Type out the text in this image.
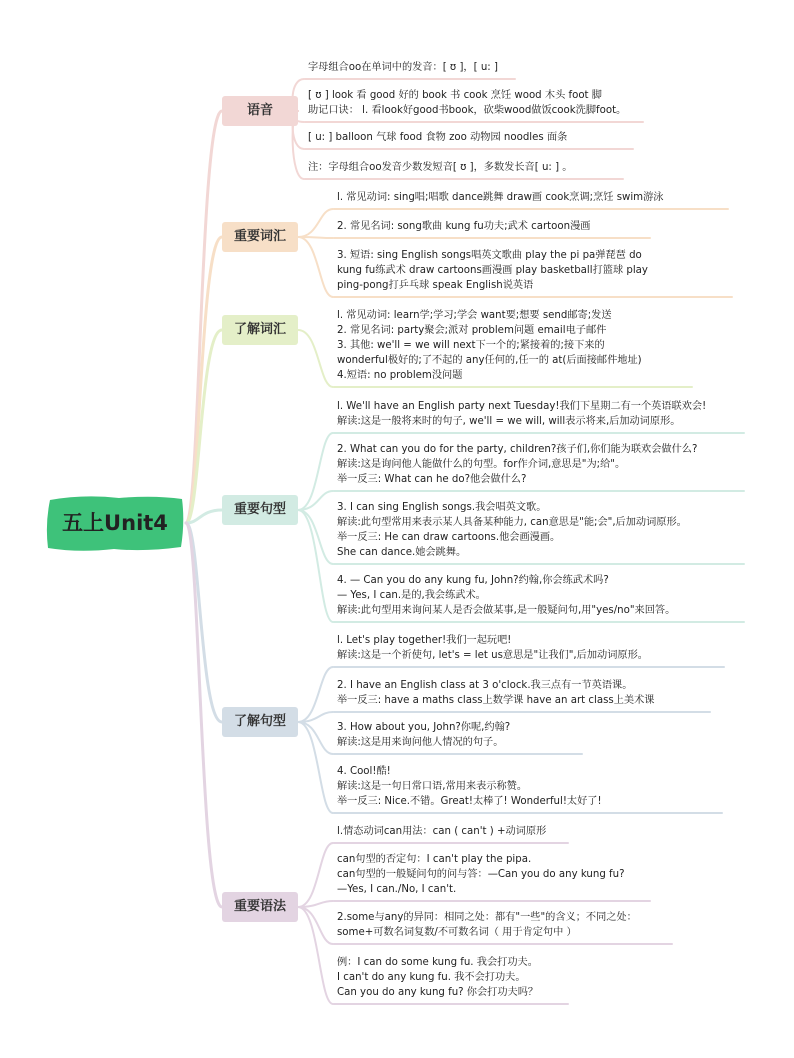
五上Unit4
语音
字母组合oo在单词中的发音：[ ʊ ]，[ u: ]
[ ʊ ] look 看 good 好的 book 书 cook 烹饪 wood 木头 foot 脚
助记口诀： l. 看look好good书book，砍柴wood做饭cook洗脚foot。
[ u: ] balloon 气球 food 食物 zoo 动物园 noodles 面条
注：字母组合oo发音少数发短音[ ʊ ]，多数发长音[ u: ] 。
重要词汇
l. 常见动词: sing唱;唱歌 dance跳舞 draw画 cook烹调;烹饪 swim游泳
2. 常见名词: song歌曲 kung fu功夫;武术 cartoon漫画
3. 短语: sing English songs唱英文歌曲 play the pi pa弹琵琶 do
kung fu练武术 draw cartoons画漫画 play basketball打篮球 play
ping-pong打乒乓球 speak English说英语
了解词汇
l. 常见动词: learn学;学习;学会 want要;想要 send邮寄;发送
2. 常见名词: party聚会;派对 problem问题 email电子邮件
3. 其他: we'll = we will next下一个的;紧接着的;接下来的
wonderful极好的;了不起的 any任何的,任一的 at(后面接邮件地址)
4.短语: no problem没问题
重要句型
l. We'll have an English party next Tuesday!我们下星期二有一个英语联欢会!
解读:这是一般将来时的句子, we'll = we will, will表示将来,后加动词原形。
2. What can you do for the party, children?孩子们,你们能为联欢会做什么?
解读:这是询问他人能做什么的句型。for作介词,意思是"为;给"。
举一反三: What can he do?他会做什么?
3. I can sing English songs.我会唱英文歌。
解读:此句型常用来表示某人具备某种能力, can意思是"能;会",后加动词原形。
举一反三: He can draw cartoons.他会画漫画。
She can dance.她会跳舞。
4. — Can you do any kung fu, John?约翰,你会练武术吗?
— Yes, I can.是的,我会练武术。
解读:此句型用来询问某人是否会做某事,是一般疑问句,用"yes/no"来回答。
了解句型
l. Let's play together!我们一起玩吧!
解读:这是一个祈使句, let's = let us意思是"让我们",后加动词原形。
2. I have an English class at 3 o'clock.我三点有一节英语课。
举一反三: have a maths class上数学课 have an art class上美术课
3. How about you, John?你呢,约翰?
解读:这是用来询问他人情况的句子。
4. Cool!酷!
解读:这是一句日常口语,常用来表示称赞。
举一反三: Nice.不错。Great!太棒了! Wonderful!太好了!
重要语法
l.情态动词can用法：can ( can't ) +动词原形
can句型的否定句：I can't play the pipa.
can句型的一般疑问句的问与答：—Can you do any kung fu?
—Yes, I can./No, I can't.
2.some与any的异同：相同之处：都有"一些"的含义；不同之处：
some+可数名词复数/不可数名词（ 用于肯定句中 ）
例：I can do some kung fu. 我会打功夫。
I can't do any kung fu. 我不会打功夫。
Can you do any kung fu? 你会打功夫吗？
